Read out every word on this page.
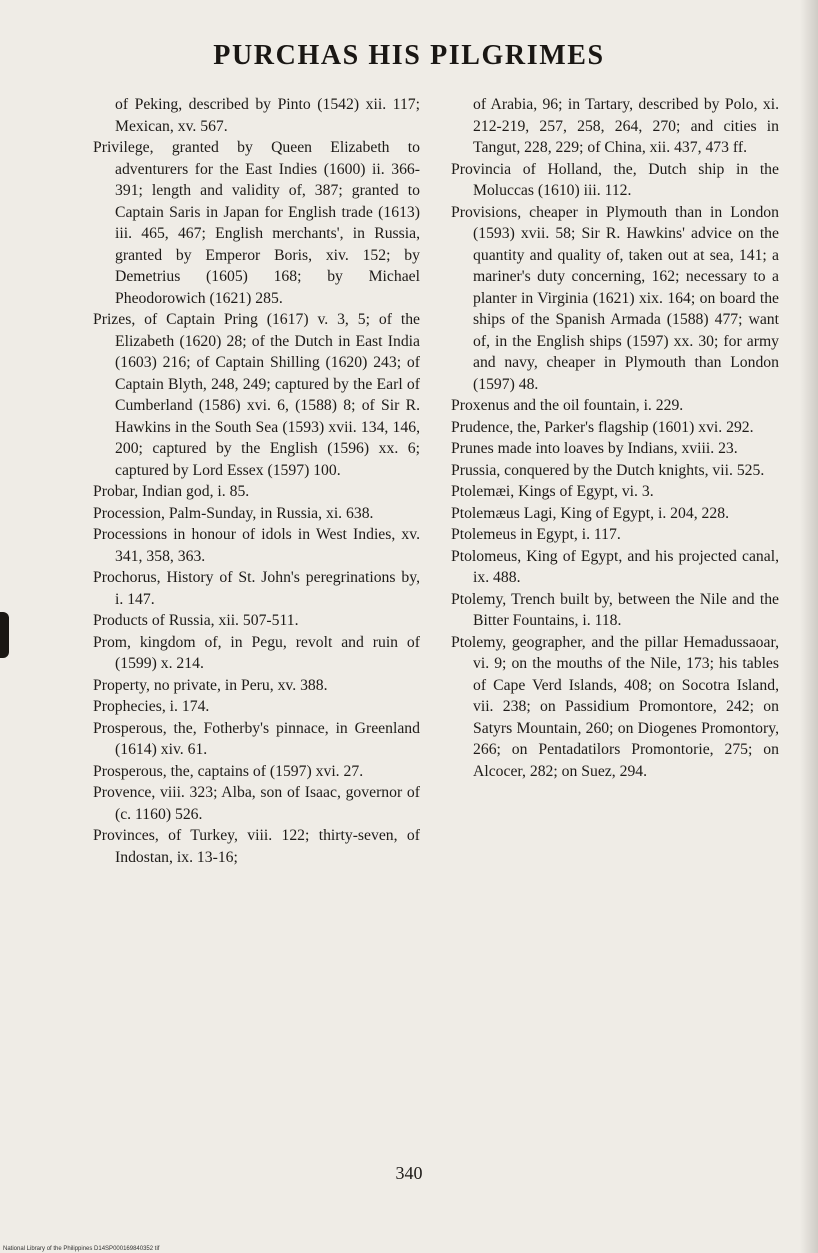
PURCHAS HIS PILGRIMES
of Peking, described by Pinto (1542) xii. 117; Mexican, xv. 567.
Privilege, granted by Queen Elizabeth to adventurers for the East Indies (1600) ii. 366-391; length and validity of, 387; granted to Captain Saris in Japan for English trade (1613) iii. 465, 467; English merchants', in Russia, granted by Emperor Boris, xiv. 152; by Demetrius (1605) 168; by Michael Pheodorowich (1621) 285.
Prizes, of Captain Pring (1617) v. 3, 5; of the Elizabeth (1620) 28; of the Dutch in East India (1603) 216; of Captain Shilling (1620) 243; of Captain Blyth, 248, 249; captured by the Earl of Cumberland (1586) xvi. 6, (1588) 8; of Sir R. Hawkins in the South Sea (1593) xvii. 134, 146, 200; captured by the English (1596) xx. 6; captured by Lord Essex (1597) 100.
Probar, Indian god, i. 85.
Procession, Palm-Sunday, in Russia, xi. 638.
Processions in honour of idols in West Indies, xv. 341, 358, 363.
Prochorus, History of St. John's peregrinations by, i. 147.
Products of Russia, xii. 507-511.
Prom, kingdom of, in Pegu, revolt and ruin of (1599) x. 214.
Property, no private, in Peru, xv. 388.
Prophecies, i. 174.
Prosperous, the, Fotherby's pinnace, in Greenland (1614) xiv. 61.
Prosperous, the, captains of (1597) xvi. 27.
Provence, viii. 323; Alba, son of Isaac, governor of (c. 1160) 526.
Provinces, of Turkey, viii. 122; thirty-seven, of Indostan, ix. 13-16;
of Arabia, 96; in Tartary, described by Polo, xi. 212-219, 257, 258, 264, 270; and cities in Tangut, 228, 229; of China, xii. 437, 473 ff.
Provincia of Holland, the, Dutch ship in the Moluccas (1610) iii. 112.
Provisions, cheaper in Plymouth than in London (1593) xvii. 58; Sir R. Hawkins' advice on the quantity and quality of, taken out at sea, 141; a mariner's duty concerning, 162; necessary to a planter in Virginia (1621) xix. 164; on board the ships of the Spanish Armada (1588) 477; want of, in the English ships (1597) xx. 30; for army and navy, cheaper in Plymouth than London (1597) 48.
Proxenus and the oil fountain, i. 229.
Prudence, the, Parker's flagship (1601) xvi. 292.
Prunes made into loaves by Indians, xviii. 23.
Prussia, conquered by the Dutch knights, vii. 525.
Ptolemæi, Kings of Egypt, vi. 3.
Ptolemæus Lagi, King of Egypt, i. 204, 228.
Ptolemeus in Egypt, i. 117.
Ptolomeus, King of Egypt, and his projected canal, ix. 488.
Ptolemy, Trench built by, between the Nile and the Bitter Fountains, i. 118.
Ptolemy, geographer, and the pillar Hemadussaoar, vi. 9; on the mouths of the Nile, 173; his tables of Cape Verd Islands, 408; on Socotra Island, vii. 238; on Passidium Promontore, 242; on Satyrs Mountain, 260; on Diogenes Promontory, 266; on Pentadatilors Promontorie, 275; on Alcocer, 282; on Suez, 294.
340
National Library of the Philippines D14SP000169840352 tif
